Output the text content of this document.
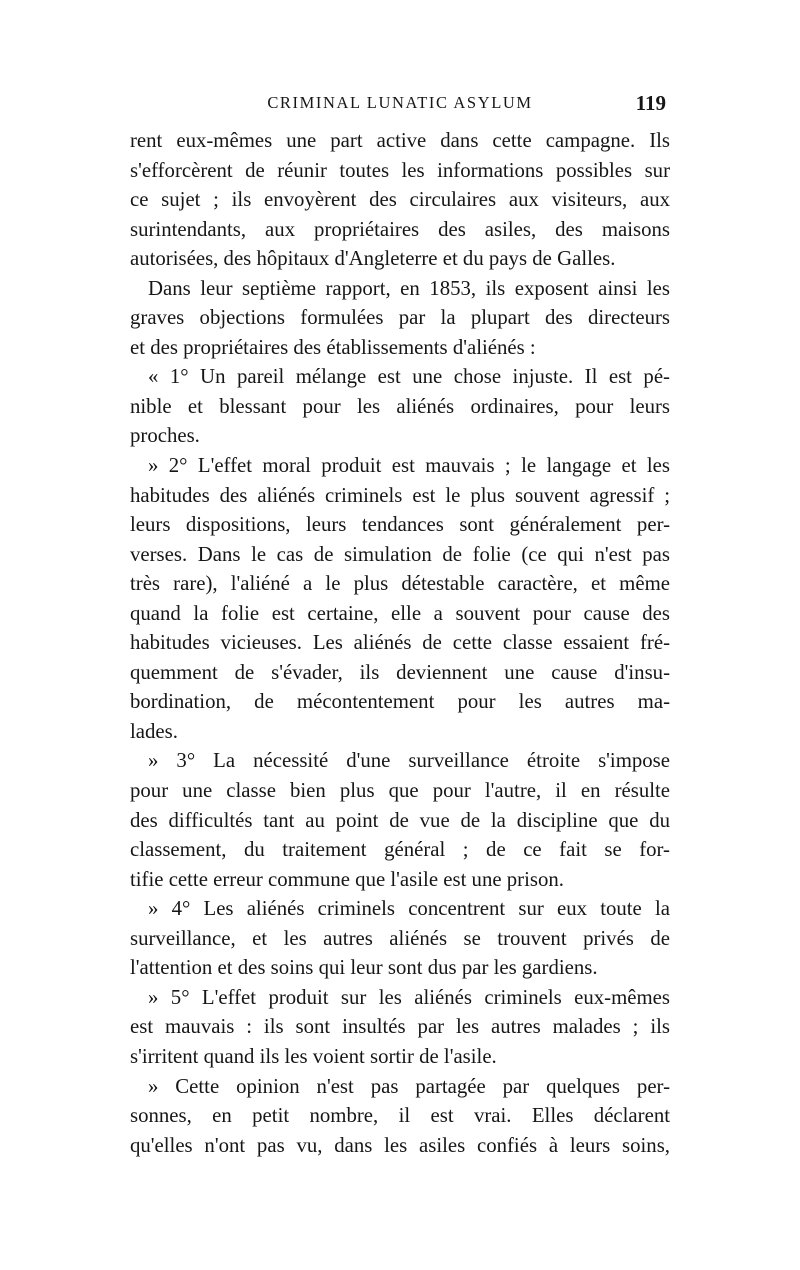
CRIMINAL LUNATIC ASYLUM	119
rent eux-mêmes une part active dans cette campagne. Ils
s'efforcèrent de réunir toutes les informations possibles sur
ce sujet ; ils envoyèrent des circulaires aux visiteurs, aux
surintendants, aux propriétaires des asiles, des maisons
autorisées, des hôpitaux d'Angleterre et du pays de Galles.
Dans leur septième rapport, en 1853, ils exposent ainsi les
graves objections formulées par la plupart des directeurs
et des propriétaires des établissements d'aliénés :
« 1° Un pareil mélange est une chose injuste. Il est pé-
nible et blessant pour les aliénés ordinaires, pour leurs
proches.
» 2° L'effet moral produit est mauvais ; le langage et les
habitudes des aliénés criminels est le plus souvent agressif ;
leurs dispositions, leurs tendances sont généralement per-
verses. Dans le cas de simulation de folie (ce qui n'est pas
très rare), l'aliéné a le plus détestable caractère, et même
quand la folie est certaine, elle a souvent pour cause des
habitudes vicieuses. Les aliénés de cette classe essaient fré-
quemment de s'évader, ils deviennent une cause d'insu-
bordination, de mécontentement pour les autres ma-
lades.
» 3° La nécessité d'une surveillance étroite s'impose
pour une classe bien plus que pour l'autre, il en résulte
des difficultés tant au point de vue de la discipline que du
classement, du traitement général ; de ce fait se for-
tifie cette erreur commune que l'asile est une prison.
» 4° Les aliénés criminels concentrent sur eux toute la
surveillance, et les autres aliénés se trouvent privés de
l'attention et des soins qui leur sont dus par les gardiens.
» 5° L'effet produit sur les aliénés criminels eux-mêmes
est mauvais : ils sont insultés par les autres malades ; ils
s'irritent quand ils les voient sortir de l'asile.
» Cette opinion n'est pas partagée par quelques per-
sonnes, en petit nombre, il est vrai. Elles déclarent
qu'elles n'ont pas vu, dans les asiles confiés à leurs soins,
